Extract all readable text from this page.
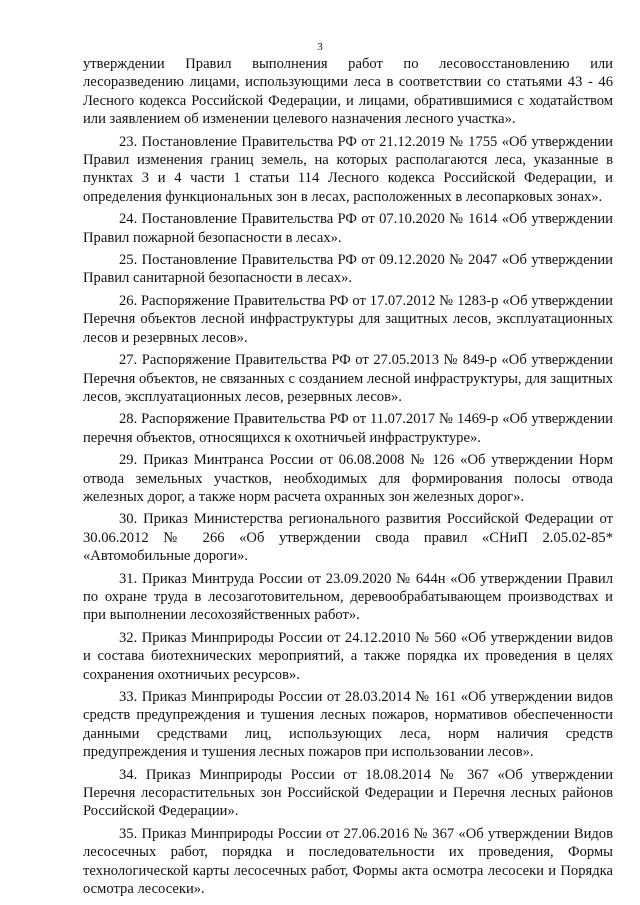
3

утверждении Правил выполнения работ по лесовосстановлению или лесоразведению лицами, использующими леса в соответствии со статьями 43 - 46 Лесного кодекса Российской Федерации, и лицами, обратившимися с ходатайством или заявлением об изменении целевого назначения лесного участка».

23. Постановление Правительства РФ от 21.12.2019 № 1755 «Об утверждении Правил изменения границ земель, на которых располагаются леса, указанные в пунктах 3 и 4 части 1 статьи 114 Лесного кодекса Российской Федерации, и определения функциональных зон в лесах, расположенных в лесопарковых зонах».

24. Постановление Правительства РФ от 07.10.2020 № 1614 «Об утверждении Правил пожарной безопасности в лесах».

25. Постановление Правительства РФ от 09.12.2020 № 2047 «Об утверждении Правил санитарной безопасности в лесах».

26. Распоряжение Правительства РФ от 17.07.2012 № 1283-р «Об утверждении Перечня объектов лесной инфраструктуры для защитных лесов, эксплуатационных лесов и резервных лесов».

27. Распоряжение Правительства РФ от 27.05.2013 № 849-р «Об утверждении Перечня объектов, не связанных с созданием лесной инфраструктуры, для защитных лесов, эксплуатационных лесов, резервных лесов».

28. Распоряжение Правительства РФ от 11.07.2017 № 1469-р «Об утверждении перечня объектов, относящихся к охотничьей инфраструктуре».

29. Приказ Минтранса России от 06.08.2008 № 126 «Об утверждении Норм отвода земельных участков, необходимых для формирования полосы отвода железных дорог, а также норм расчета охранных зон железных дорог».

30. Приказ Министерства регионального развития Российской Федерации от 30.06.2012 № 266 «Об утверждении свода правил «СНиП 2.05.02-85* «Автомобильные дороги».

31. Приказ Минтруда России от 23.09.2020 № 644н «Об утверждении Правил по охране труда в лесозаготовительном, деревообрабатывающем производствах и при выполнении лесохозяйственных работ».

32. Приказ Минприроды России от 24.12.2010 № 560 «Об утверждении видов и состава биотехнических мероприятий, а также порядка их проведения в целях сохранения охотничьих ресурсов».

33. Приказ Минприроды России от 28.03.2014 № 161 «Об утверждении видов средств предупреждения и тушения лесных пожаров, нормативов обеспеченности данными средствами лиц, использующих леса, норм наличия средств предупреждения и тушения лесных пожаров при использовании лесов».

34. Приказ Минприроды России от 18.08.2014 № 367 «Об утверждении Перечня лесорастительных зон Российской Федерации и Перечня лесных районов Российской Федерации».

35. Приказ Минприроды России от 27.06.2016 № 367 «Об утверждении Видов лесосечных работ, порядка и последовательности их проведения, Формы технологической карты лесосечных работ, Формы акта осмотра лесосеки и Порядка осмотра лесосеки».
